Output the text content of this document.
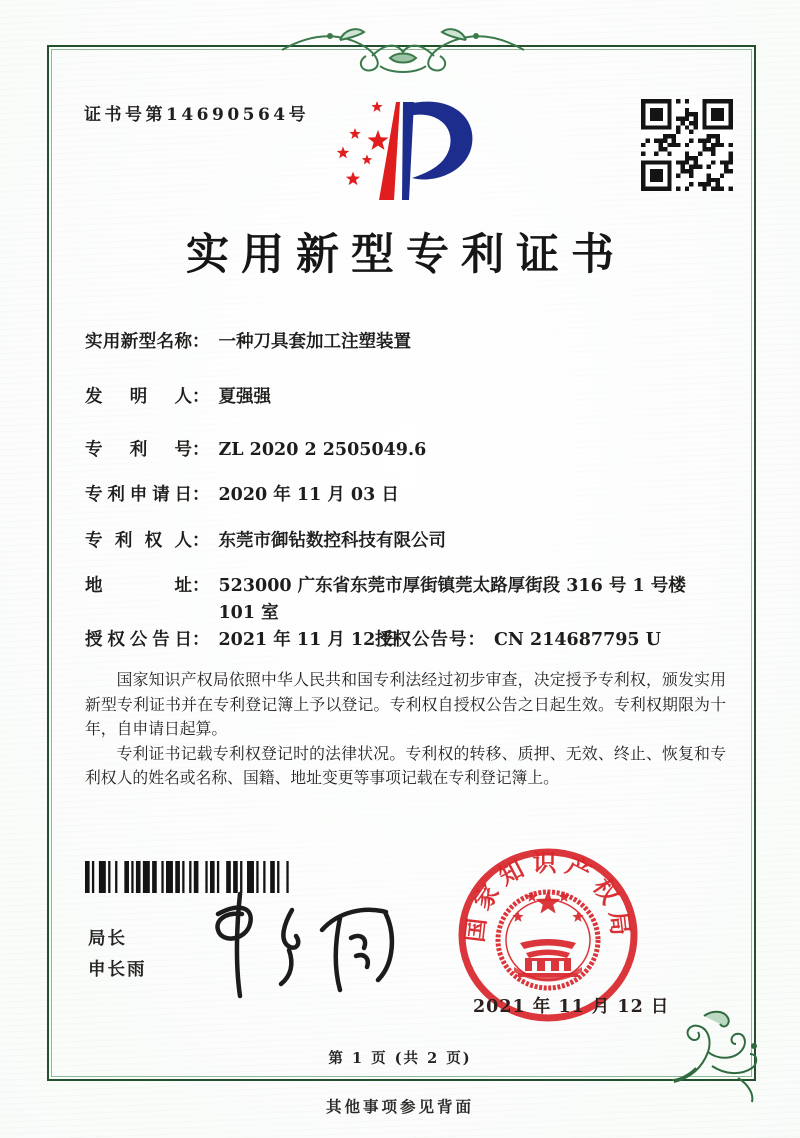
证书号第14690564号
实用新型专利证书
实用新型名称 ： 一种刀具套加工注塑装置
发明人 ： 夏强强
专利号 ： ZL 2020 2 2505049.6
专利申请日 ： 2020 年 11 月 03 日
专利权人 ： 东莞市御钻数控科技有限公司
地址 ： 523000 广东省东莞市厚街镇莞太路厚街段 316 号 1 号楼 101 室
授权公告日 ： 2021 年 11 月 12 日
授权公告号 ： CN 214687795 U

国家知识产权局依照中华人民共和国专利法经过初步审查，决定授予专利权，颁发实用新型专利证书并在专利登记簿上予以登记。专利权自授权公告之日起生效。专利权期限为十年，自申请日起算。

专利证书记载专利权登记时的法律状况。专利权的转移、质押、无效、终止、恢复和专利权人的姓名或名称、国籍、地址变更等事项记载在专利登记簿上。

局长
申长雨
国家知识产权局
2021 年 11 月 12 日
第 1 页 (共 2 页)
其他事项参见背面
